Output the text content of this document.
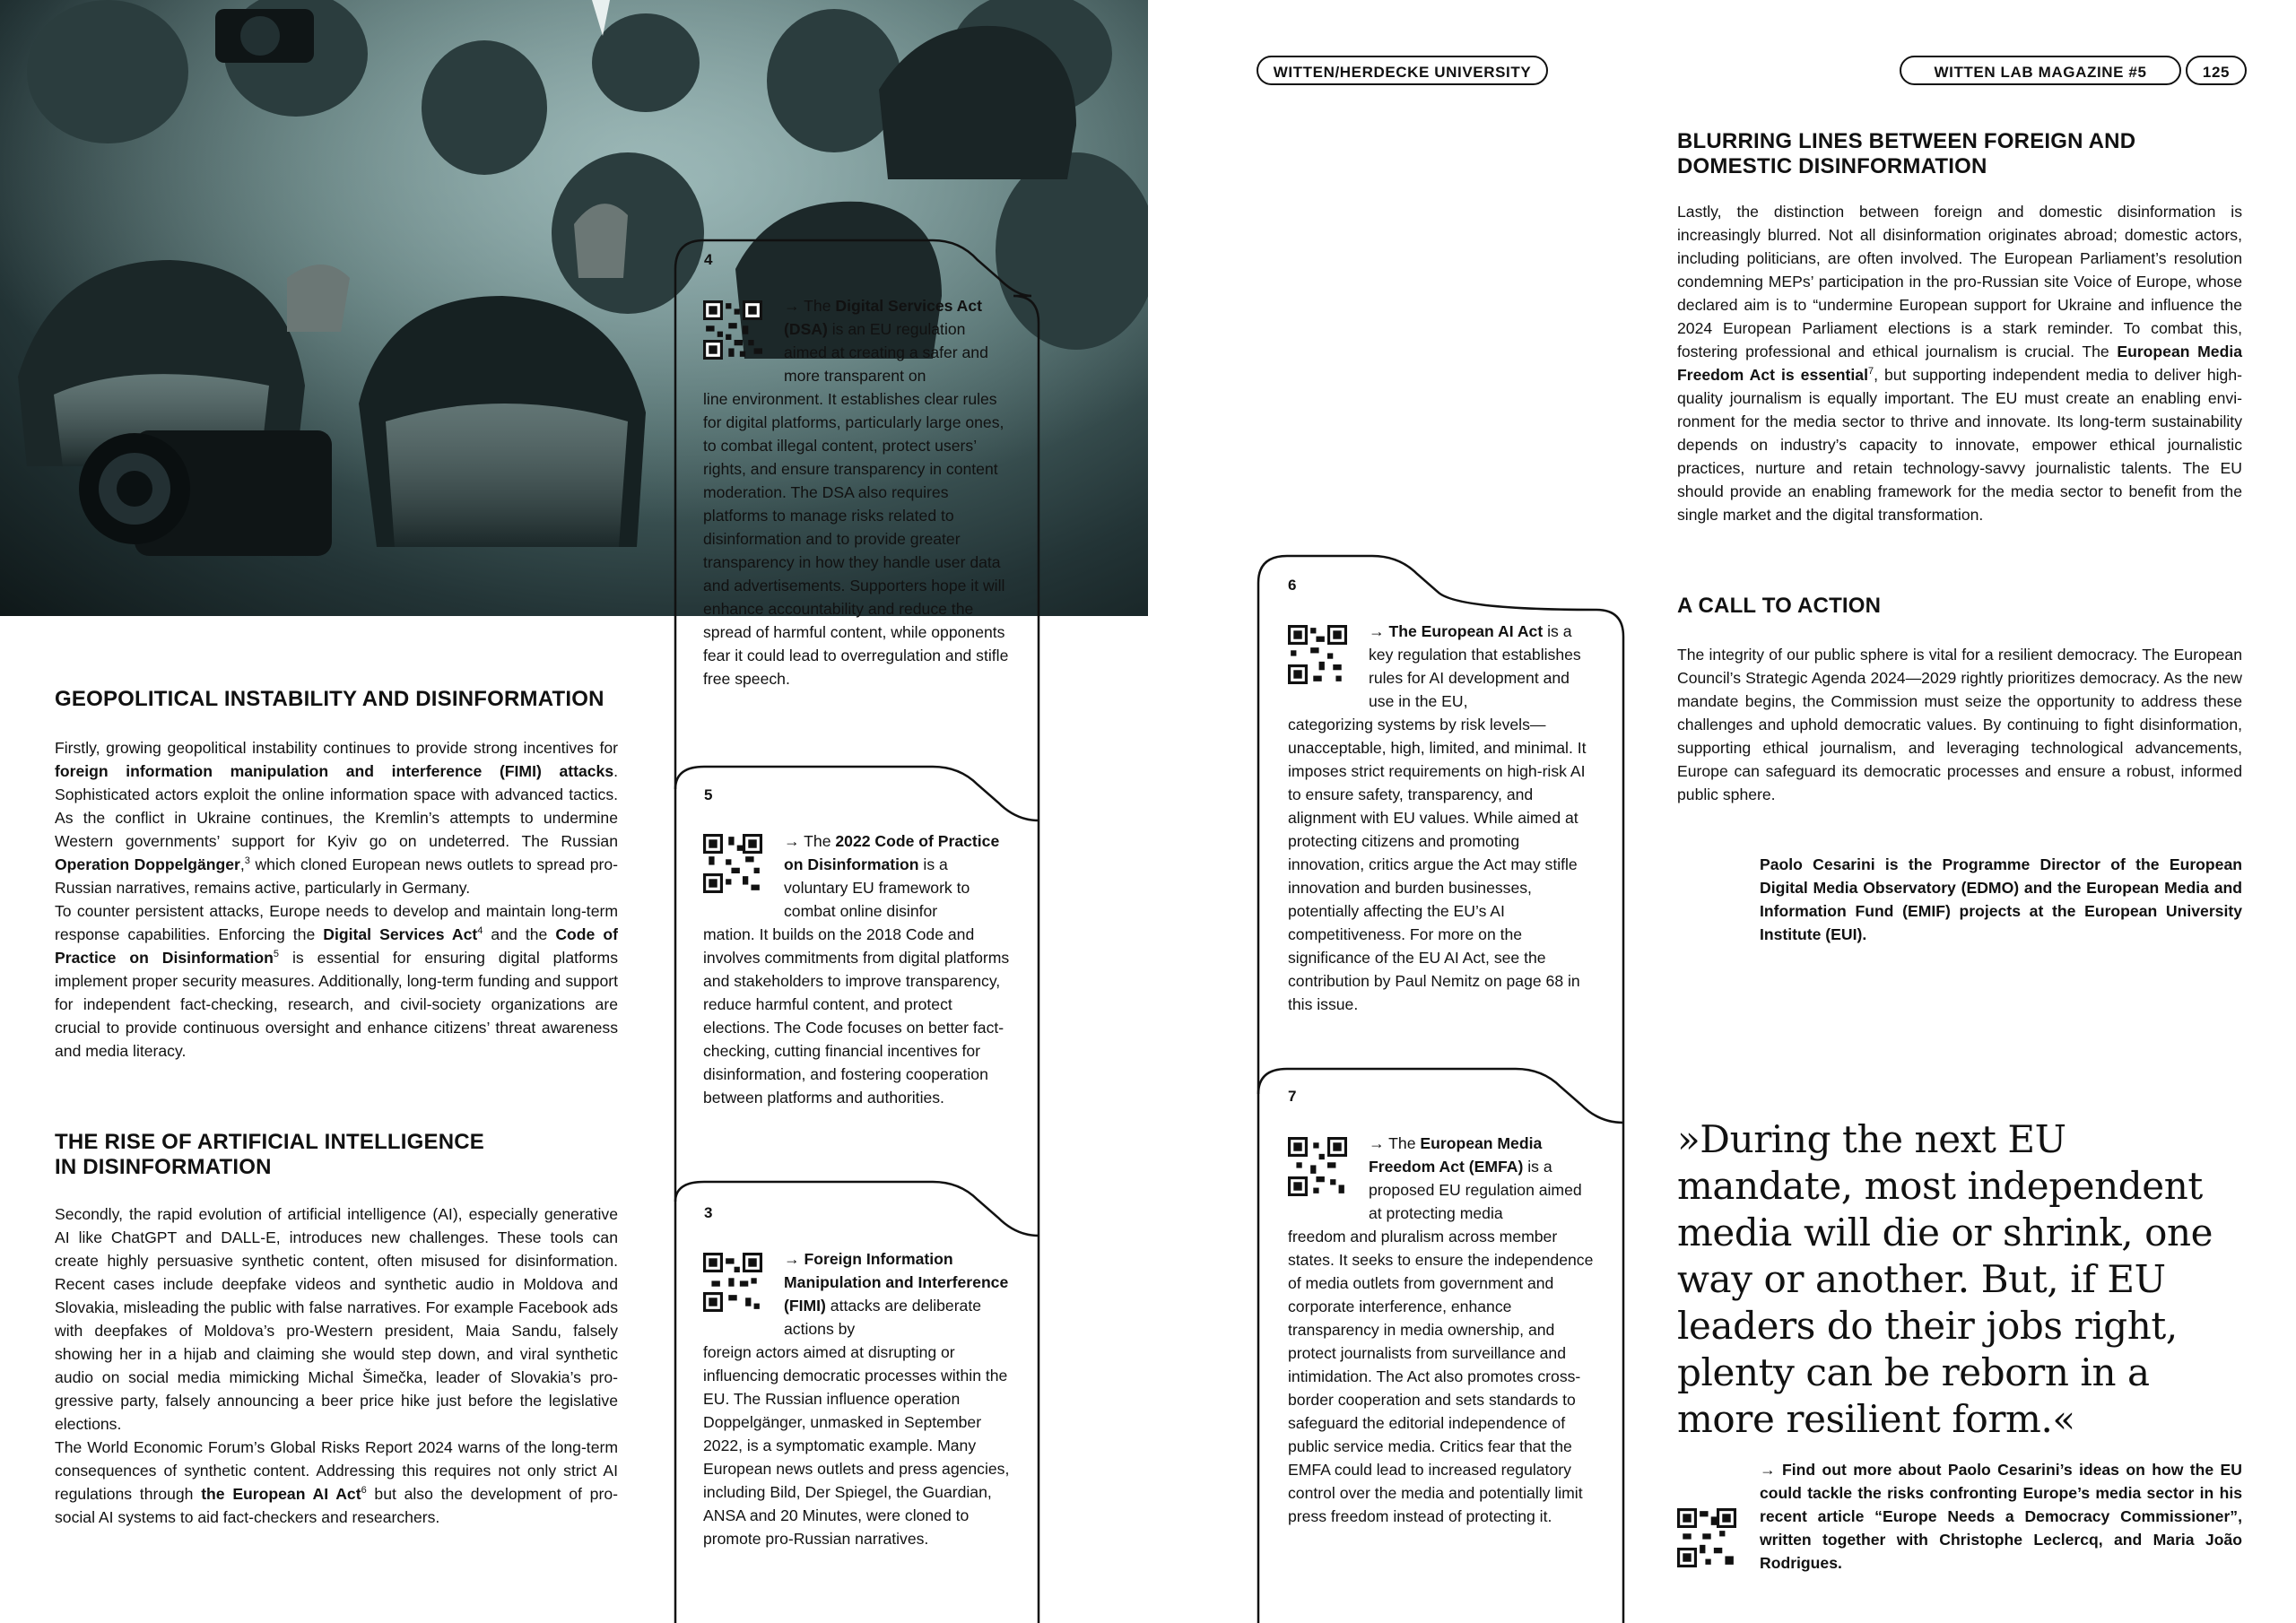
WITTEN/HERDECKE UNIVERSITY	WITTEN LAB MAGAZINE #5	125
4
5
3
6
7
GEOPOLITICAL INSTABILITY AND DISINFORMATION

Firstly, growing geopolitical instability continues to provide strong incentives for foreign information manipulation and interference (FIMI) attacks. Sophisticated actors exploit the online information space with advanced tactics. As the conflict in Ukraine continues, the Kremlin’s attempts to undermine Western governments’ support for Kyiv go on undeterred. The Russian Operation Doppelgänger,$^3$ which cloned European news outlets to spread pro-Russian narratives, remains active, particularly in Germany.

To counter persistent attacks, Europe needs to develop and maintain long-term response capabilities. Enforcing the Digital Services Act$^4$ and the Code of Practice on Disinformation$^5$ is essential for ensuring digital platforms implement proper security measures. Additionally, long-term funding and support for independent fact-checking, research, and civil-society organizations are crucial to provide continuous oversight and enhance citizens’ threat awareness and media literacy.

THE RISE OF ARTIFICIAL INTELLIGENCE
IN DISINFORMATION

Secondly, the rapid evolution of artificial intelligence (AI), especially generative AI like ChatGPT and DALL-E, introduces new challenges. These tools can create highly persuasive synthetic content, often misused for disinformation. Recent cases include deepfake videos and synthetic audio in Moldova and Slovakia, misleading the public with false narratives. For example Facebook ads with deepfakes of Moldova’s pro-Western president, Maia Sandu, falsely showing her in a hijab and claiming she would step down, and viral synthetic audio on social media mimicking Michal Šimečka, leader of Slovakia’s progressive party, falsely announcing a beer price hike just before the legislative elections.

The World Economic Forum’s Global Risks Report 2024 warns of the long-term consequences of synthetic content. Addressing this requires not only strict AI regulations through the European AI Act$^6$ but also the development of pro-social AI systems to aid fact-checkers and researchers.

→ The Digital Services Act (DSA) is an EU regulation aimed at creating a safer and more transparent on
line environment. It establishes clear rules for digital platforms, particularly large ones, to combat illegal content, protect users’ rights, and ensure transparency in content moderation. The DSA also requires platforms to manage risks related to disinformation and to provide greater transparency in how they handle user data and advertisements. Supporters hope it will enhance accountability and reduce the spread of harmful content, while opponents fear it could lead to overregulation and stifle free speech.
→ The 2022 Code of Practice on Disinformation is a voluntary EU framework to combat online disinfor
mation. It builds on the 2018 Code and involves commitments from digital platforms and stakeholders to improve transparency, reduce harmful content, and protect elections. The Code focuses on better fact-checking, cutting financial incentives for disinformation, and fostering cooperation between platforms and authorities.
→ Foreign Information Manipulation and Interference (FIMI) attacks are deliberate actions by
foreign actors aimed at disrupting or influencing democratic processes within the EU. The Russian influence operation Doppelgänger, unmasked in September 2022, is a symptomatic example. Many European news outlets and press agencies, including Bild, Der Spiegel, the Guardian, ANSA and 20 Minutes, were cloned to promote pro-Russian narratives.
→ The European AI Act is a key regulation that establishes rules for AI development and use in the EU,
categorizing systems by risk levels—unacceptable, high, limited, and minimal. It imposes strict requirements on high-risk AI to ensure safety, transparency, and alignment with EU values. While aimed at protecting citizens and promoting innovation, critics argue the Act may stifle innovation and burden businesses, potentially affecting the EU’s AI competitiveness. For more on the significance of the EU AI Act, see the contribution by Paul Nemitz on page 68 in this issue.
→ The European Media Freedom Act (EMFA) is a proposed EU regulation aimed at protecting media
freedom and pluralism across member states. It seeks to ensure the independence of media outlets from government and corporate interference, enhance transparency in media ownership, and protect journalists from surveillance and intimidation. The Act also promotes cross-border cooperation and sets standards to safeguard the editorial independence of public service media. Critics fear that the EMFA could lead to increased regulatory control over the media and potentially limit press freedom instead of protecting it.
BLURRING LINES BETWEEN FOREIGN AND
DOMESTIC DISINFORMATION

Lastly, the distinction between foreign and domestic disinformation is increasingly blurred. Not all disinformation originates abroad; domestic actors, including politicians, are often involved. The European Parliament’s resolution condemning MEPs’ participation in the pro-Russian site Voice of Europe, whose declared aim is to “undermine European support for Ukraine and influence the 2024 European Parliament elections is a stark reminder. To combat this, fostering professional and ethical journalism is crucial. The European Media Freedom Act is essential$^7$, but supporting independent media to deliver high-quality journalism is equally important. The EU must create an enabling environment for the media sector to thrive and innovate. Its long-term sustainability depends on industry’s capacity to innovate, empower ethical journalistic practices, nurture and retain technology-savvy journalistic talents. The EU should provide an enabling framework for the media sector to benefit from the single market and the digital transformation.

A CALL TO ACTION

The integrity of our public sphere is vital for a resilient democracy. The European Council’s Strategic Agenda 2024—2029 rightly prioritizes democracy. As the new mandate begins, the Commission must seize the opportunity to address these challenges and uphold democratic values. By continuing to fight disinformation, supporting ethical journalism, and leveraging technological advancements, Europe can safeguard its democratic processes and ensure a robust, informed public sphere.

Paolo Cesarini is the Programme Director of the European Digital Media Observatory (EDMO) and the European Media and Information Fund (EMIF) projects at the European University Institute (EUI).
»During the next EU mandate, most independent media will die or shrink, one way or another. But, if EU leaders do their jobs right, plenty can be reborn in a more resilient form.«
→ Find out more about Paolo Cesarini’s ideas on how the EU could tackle the risks confronting Europe’s media sector in his recent article “Europe Needs a Democracy Commissioner”, written together with Christophe Leclercq, and Maria João Rodrigues.
